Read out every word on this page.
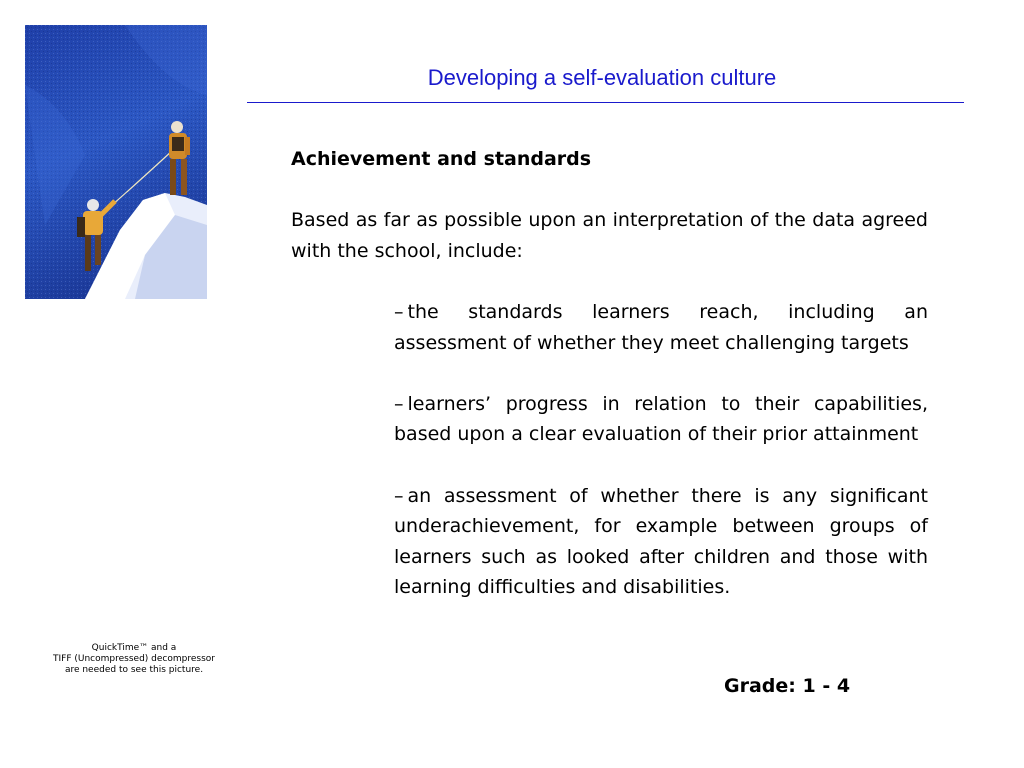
Developing a self-evaluation culture

Achievement and standards

Based as far as possible upon an interpretation of the data agreed with the school, include:

– the standards learners reach, including an assessment of whether they meet challenging targets
– learners’ progress in relation to their capabilities, based upon a clear evaluation of their prior attainment
– an assessment of whether there is any significant underachievement, for example between groups of learners such as looked after children and those with learning difficulties and disabilities.
Grade: 1 - 4
QuickTime™ and a
TIFF (Uncompressed) decompressor
are needed to see this picture.
